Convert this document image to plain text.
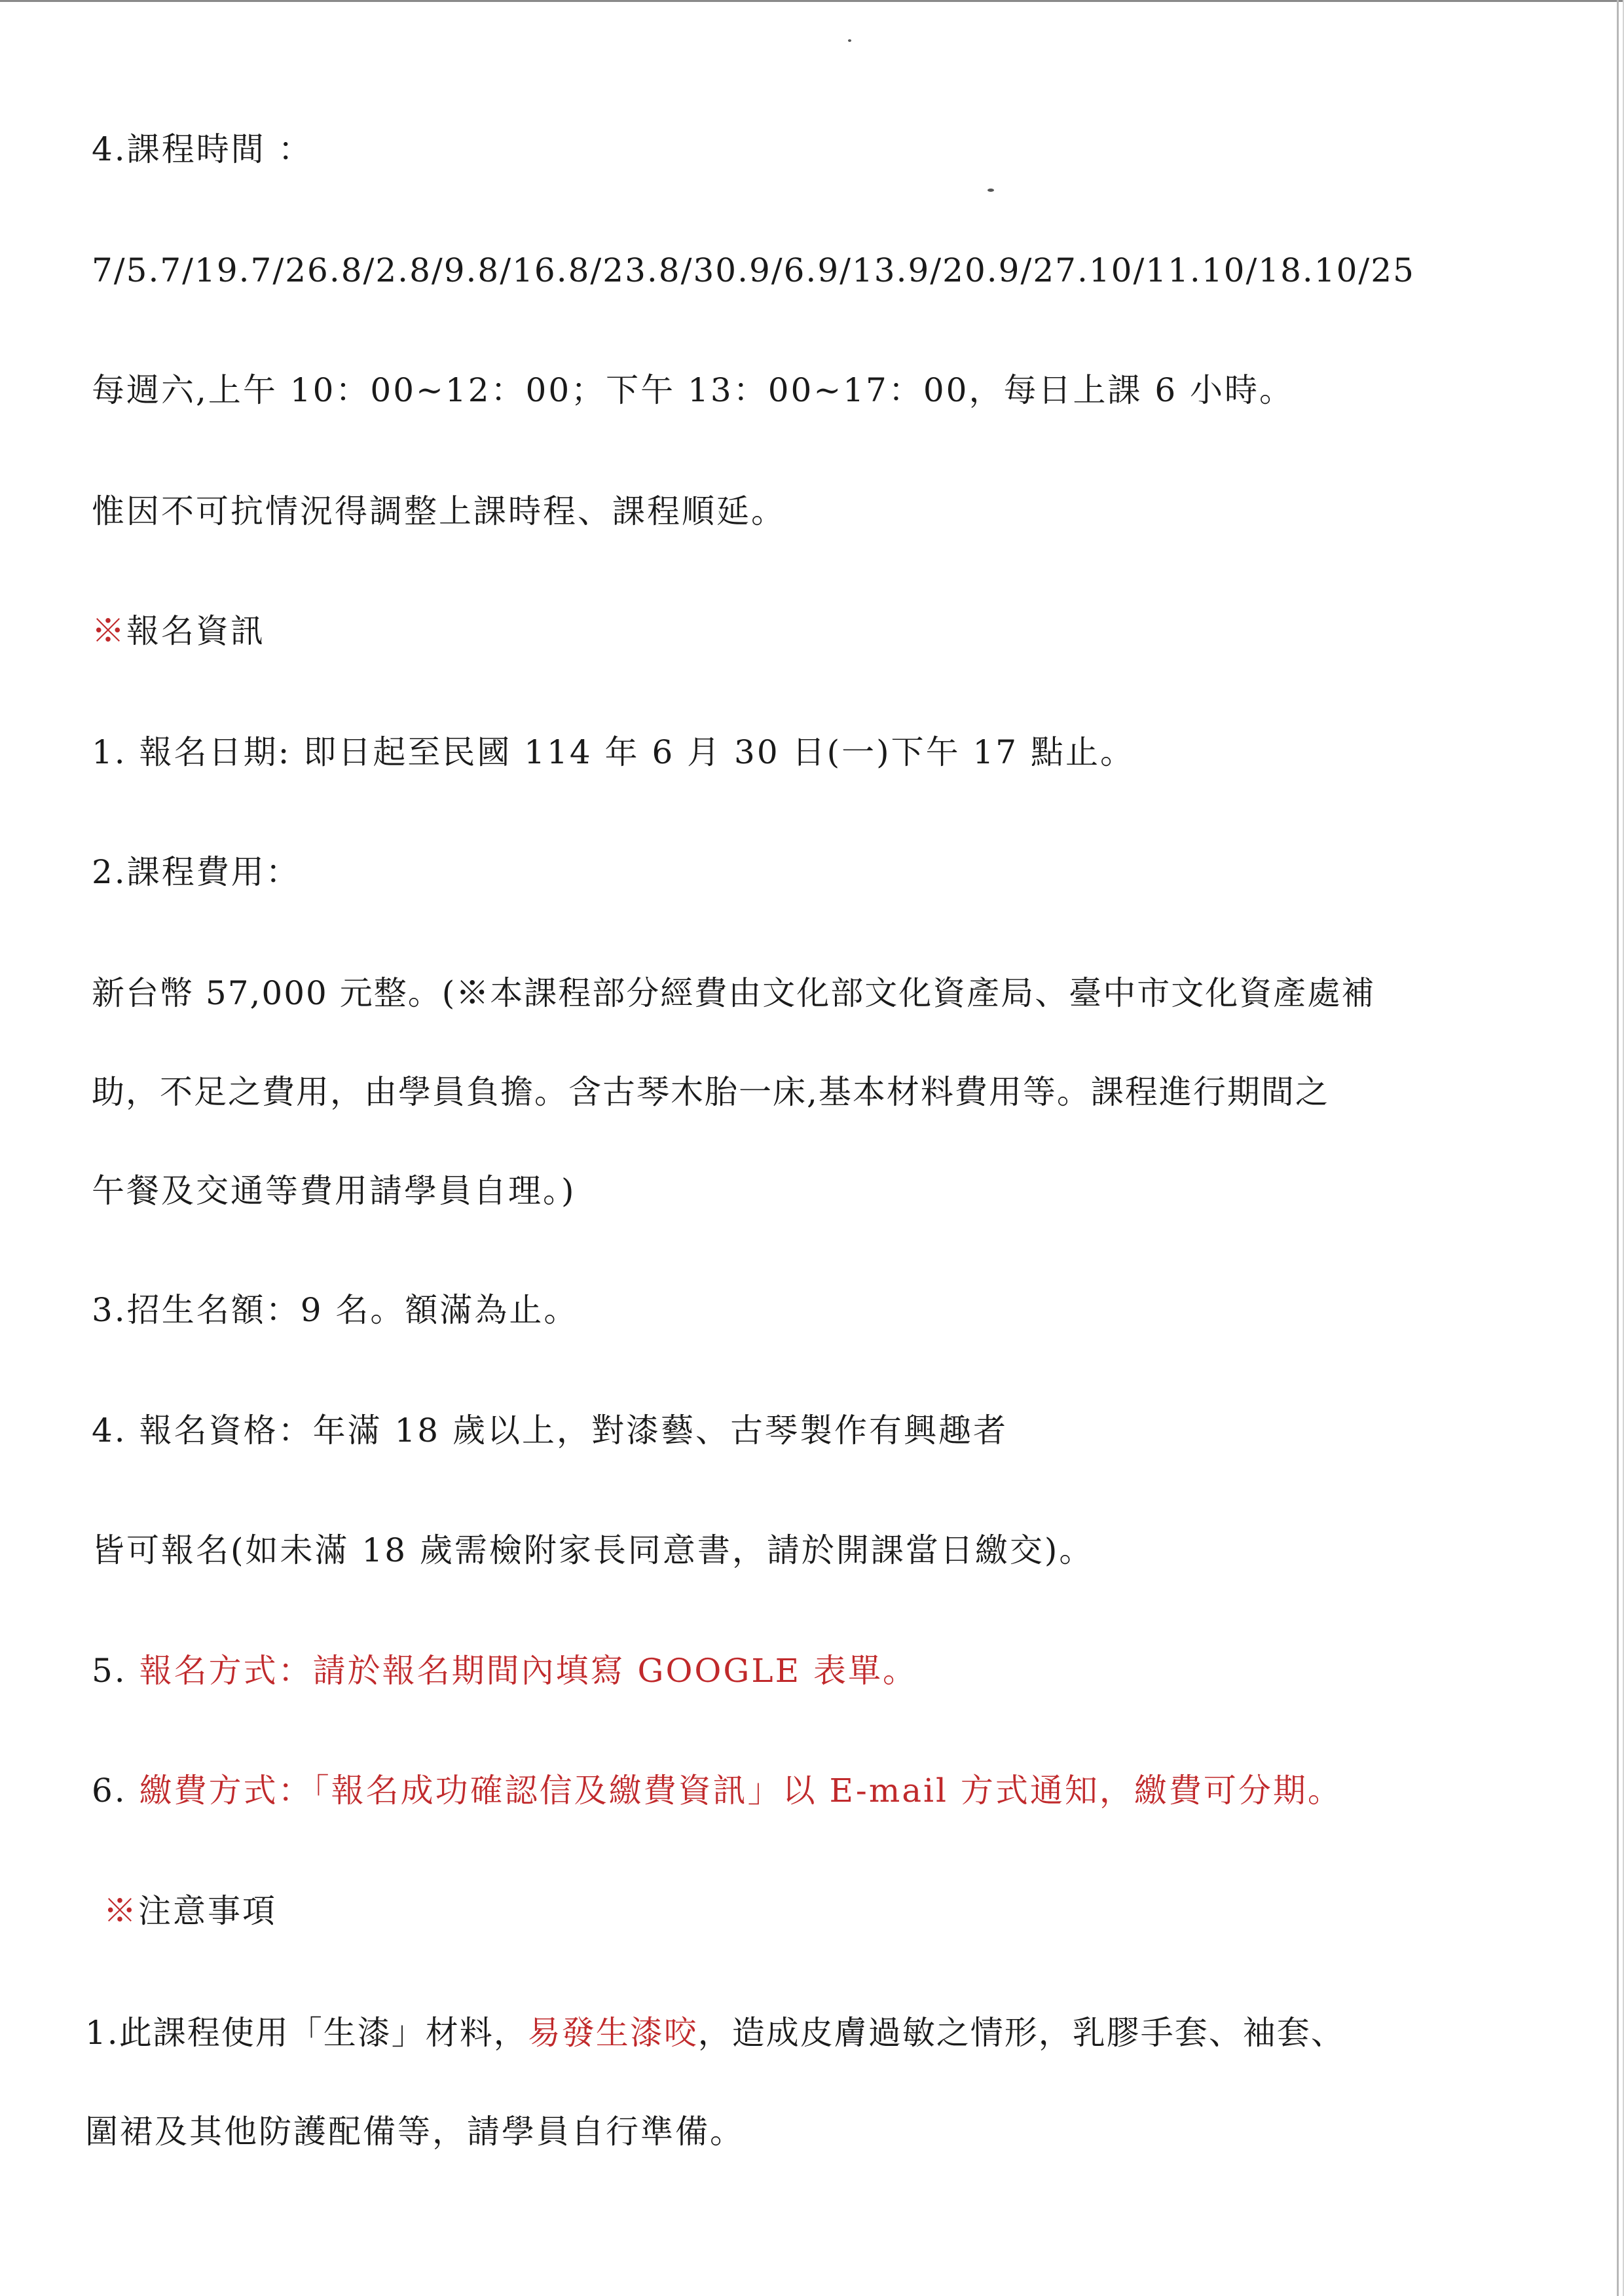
4.課程時間 ：
7/5.7/19.7/26.8/2.8/9.8/16.8/23.8/30.9/6.9/13.9/20.9/27.10/11.10/18.10/25
每週六,上午 10：00~12：00；下午 13：00~17：00，每日上課 6 小時。
惟因不可抗情況得調整上課時程、課程順延。
※報名資訊
1. 報名日期: 即日起至民國 114 年 6 月 30 日(一)下午 17 點止。
2.課程費用：
新台幣 57,000 元整。(※本課程部分經費由文化部文化資產局、臺中市文化資產處補
助，不足之費用，由學員負擔。含古琴木胎一床,基本材料費用等。課程進行期間之
午餐及交通等費用請學員自理。)
3.招生名額：9 名。額滿為止。
4. 報名資格：年滿 18 歲以上，對漆藝、古琴製作有興趣者
皆可報名(如未滿 18 歲需檢附家長同意書，請於開課當日繳交)。
5. 報名方式：請於報名期間內填寫 GOOGLE 表單。
6. 繳費方式：「報名成功確認信及繳費資訊」以 E-mail 方式通知，繳費可分期。
※注意事項
1.此課程使用「生漆」材料，易發生漆咬，造成皮膚過敏之情形，乳膠手套、袖套、
圍裙及其他防護配備等，請學員自行準備。
